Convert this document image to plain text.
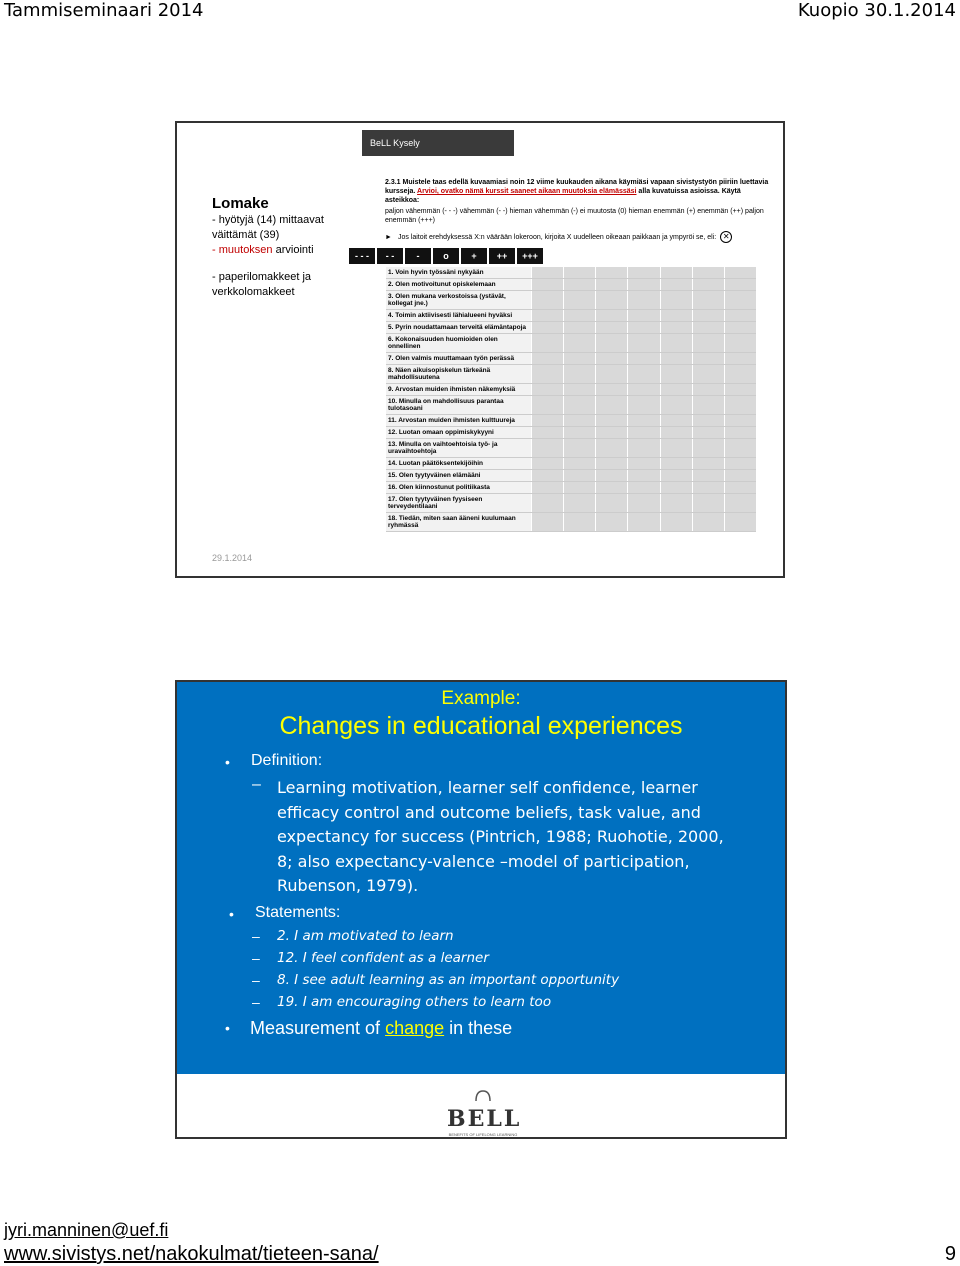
Tammiseminaari 2014	Kuopio 30.1.2014
Lomake
- hyötyjä (14) mittaavat väittämät (39)
- muutoksen arviointi
- paperilomakkeet ja verkkolomakkeet
29.1.2014
BeLL Kysely
2.3.1 Muistele taas edellä kuvaamiasi noin 12 viime kuukauden aikana käymiäsi vapaan sivistystyön piiriin luettavia kursseja. Arvioi, ovatko nämä kurssit saaneet aikaan muutoksia elämässäsi alla kuvatuissa asioissa. Käytä asteikkoa:
paljon vähemmän (- - -) vähemmän (- -) hieman vähemmän (-) ei muutosta (0) hieman enemmän (+) enemmän (++) paljon enemmän (+++)
► Jos laitoit erehdyksessä X:n väärään lokeroon, kirjoita X uudelleen oikeaan paikkaan ja ympyröi se, eli: ✕
- - -	- -	-	o	+	++	+++
1. Voin hyvin työssäni nykyään
2. Olen motivoitunut opiskelemaan
3. Olen mukana verkostoissa (ystävät, kollegat jne.)
4. Toimin aktiivisesti lähialueeni hyväksi
5. Pyrin noudattamaan terveitä elämäntapoja
6. Kokonaisuuden huomioiden olen onnellinen
7. Olen valmis muuttamaan työn perässä
8. Näen aikuisopiskelun tärkeänä mahdollisuutena
9. Arvostan muiden ihmisten näkemyksiä
10. Minulla on mahdollisuus parantaa tulotasoani
11. Arvostan muiden ihmisten kulttuureja
12. Luotan omaan oppimiskykyyni
13. Minulla on vaihtoehtoisia työ- ja uravaihtoehtoja
14. Luotan päätöksentekijöihin
15. Olen tyytyväinen elämääni
16. Olen kiinnostunut politiikasta
17. Olen tyytyväinen fyysiseen terveydentilaani
18. Tiedän, miten saan ääneni kuulumaan ryhmässä
Example:
Changes in educational experiences
• Definition:
– Learning motivation, learner self confidence, learner
efficacy control and outcome beliefs, task value, and
expectancy for success (Pintrich, 1988; Ruohotie, 2000,
8; also expectancy-valence –model of participation,
Rubenson, 1979).
• Statements:
– 2. I am motivated to learn
– 12. I feel confident as a learner
– 8. I see adult learning as an important opportunity
– 19. I am encouraging others to learn too
• Measurement of change in these
BELL
BENEFITS OF LIFELONG LEARNING
jyri.manninen@uef.fi
www.sivistys.net/nakokulmat/tieteen-sana/	9
